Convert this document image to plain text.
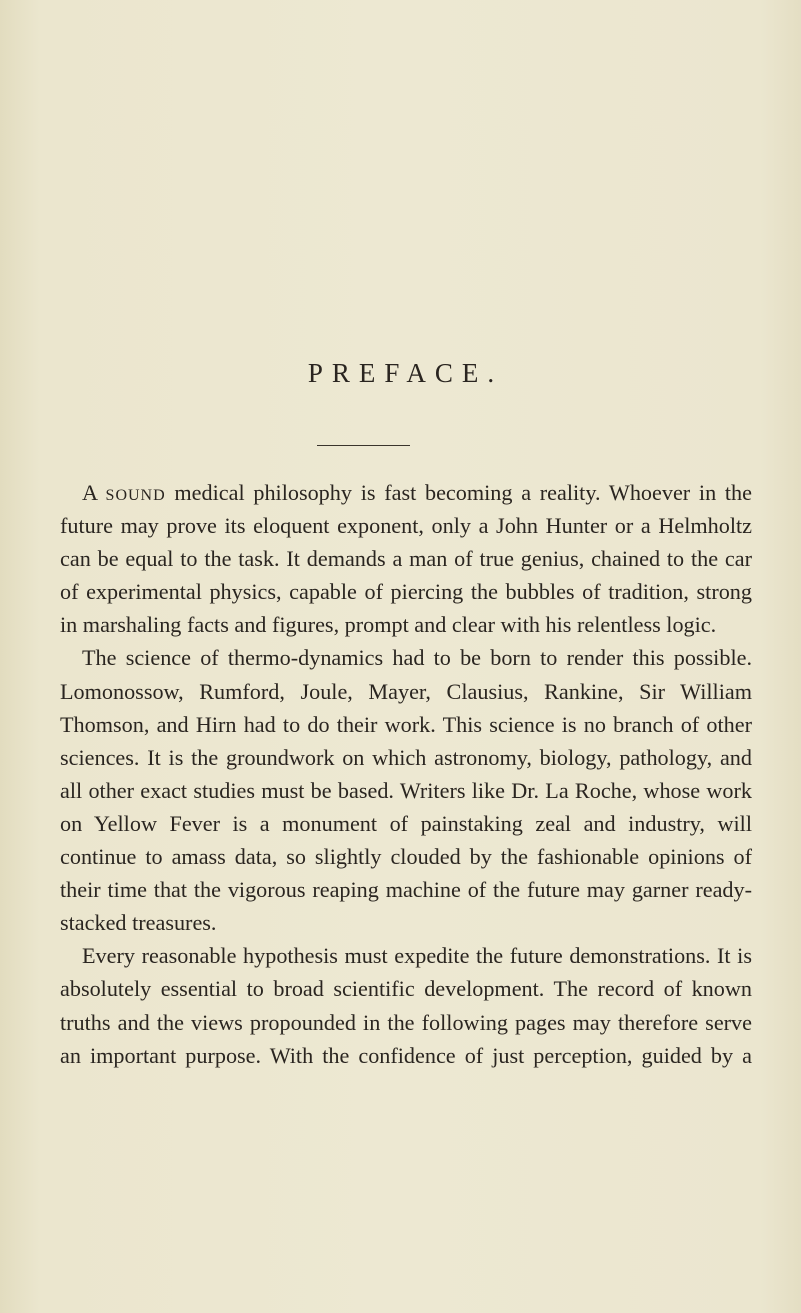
PREFACE.

A sound medical philosophy is fast becoming a reality. Whoever in the future may prove its eloquent exponent, only a John Hunter or a Helmholtz can be equal to the task. It demands a man of true genius, chained to the car of experimental physics, capable of piercing the bubbles of tradition, strong in marshaling facts and figures, prompt and clear with his relentless logic.

The science of thermo-dynamics had to be born to render this possible. Lomonossow, Rumford, Joule, Mayer, Clausius, Rankine, Sir William Thomson, and Hirn had to do their work. This science is no branch of other sciences. It is the groundwork on which astronomy, biology, pathology, and all other exact studies must be based. Writers like Dr. La Roche, whose work on Yellow Fever is a monument of painstaking zeal and industry, will continue to amass data, so slightly clouded by the fashionable opinions of their time that the vigorous reaping machine of the future may garner ready-stacked treasures.

Every reasonable hypothesis must expedite the future demonstrations. It is absolutely essential to broad scientific development. The record of known truths and the views propounded in the following pages may therefore serve an important purpose. With the confidence of just perception, guided by a
